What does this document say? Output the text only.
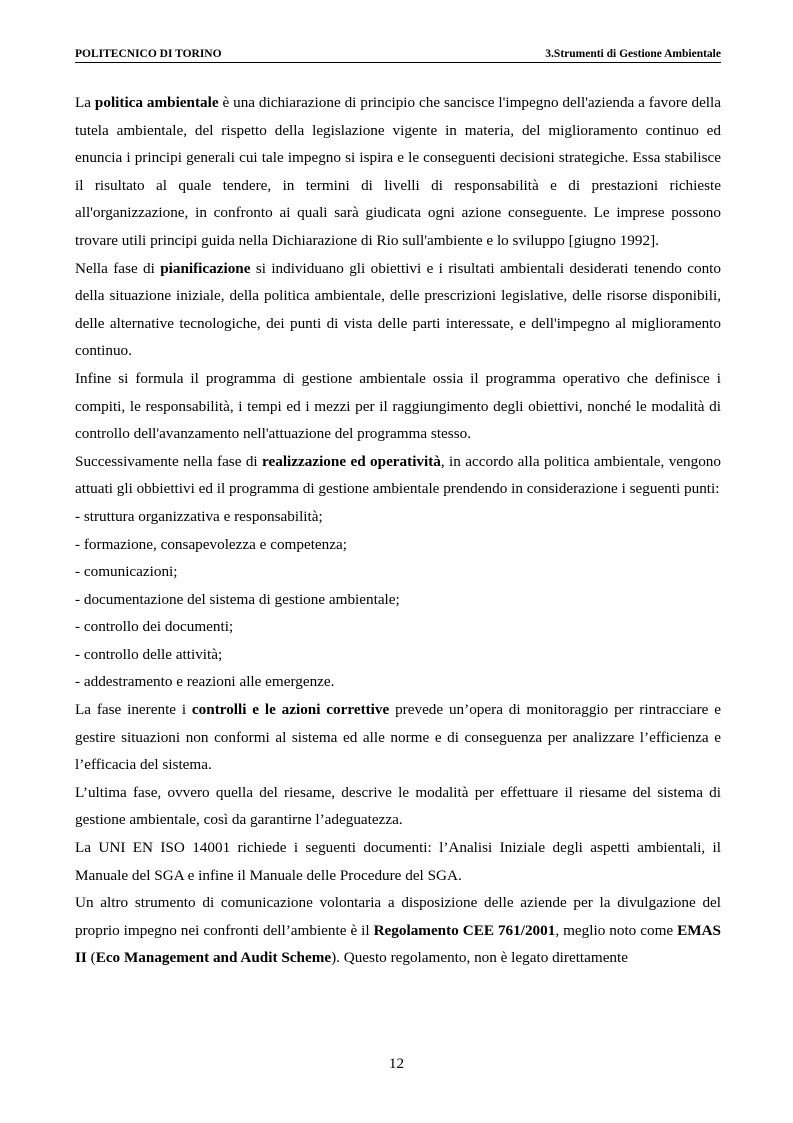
POLITECNICO DI TORINO	3.Strumenti di Gestione Ambientale

La politica ambientale è una dichiarazione di principio che sancisce l'impegno dell'azienda a favore della tutela ambientale, del rispetto della legislazione vigente in materia, del miglioramento continuo ed enuncia i principi generali cui tale impegno si ispira e le conseguenti decisioni strategiche. Essa stabilisce il risultato al quale tendere, in termini di livelli di responsabilità e di prestazioni richieste all'organizzazione, in confronto ai quali sarà giudicata ogni azione conseguente. Le imprese possono trovare utili principi guida nella Dichiarazione di Rio sull'ambiente e lo sviluppo [giugno 1992].

Nella fase di pianificazione si individuano gli obiettivi e i risultati ambientali desiderati tenendo conto della situazione iniziale, della politica ambientale, delle prescrizioni legislative, delle risorse disponibili, delle alternative tecnologiche, dei punti di vista delle parti interessate, e dell'impegno al miglioramento continuo.

Infine si formula il programma di gestione ambientale ossia il programma operativo che definisce i compiti, le responsabilità, i tempi ed i mezzi per il raggiungimento degli obiettivi, nonché le modalità di controllo dell'avanzamento nell'attuazione del programma stesso.

Successivamente nella fase di realizzazione ed operatività, in accordo alla politica ambientale, vengono attuati gli obbiettivi ed il programma di gestione ambientale prendendo in considerazione i seguenti punti:

- struttura organizzativa e responsabilità;

- formazione, consapevolezza e competenza;

- comunicazioni;

- documentazione del sistema di gestione ambientale;

- controllo dei documenti;

- controllo delle attività;

- addestramento e reazioni alle emergenze.

La fase inerente i controlli e le azioni correttive prevede un’opera di monitoraggio per rintracciare e gestire situazioni non conformi al sistema ed alle norme e di conseguenza per analizzare l’efficienza e l’efficacia del sistema.

L’ultima fase, ovvero quella del riesame, descrive le modalità per effettuare il riesame del sistema di gestione ambientale, così da garantirne l’adeguatezza.

La UNI EN ISO 14001 richiede i seguenti documenti: l’Analisi Iniziale degli aspetti ambientali, il Manuale del SGA e infine il Manuale delle Procedure del SGA.

Un altro strumento di comunicazione volontaria a disposizione delle aziende per la divulgazione del proprio impegno nei confronti dell’ambiente è il Regolamento CEE 761/2001, meglio noto come EMAS II (Eco Management and Audit Scheme). Questo regolamento, non è legato direttamente

12
